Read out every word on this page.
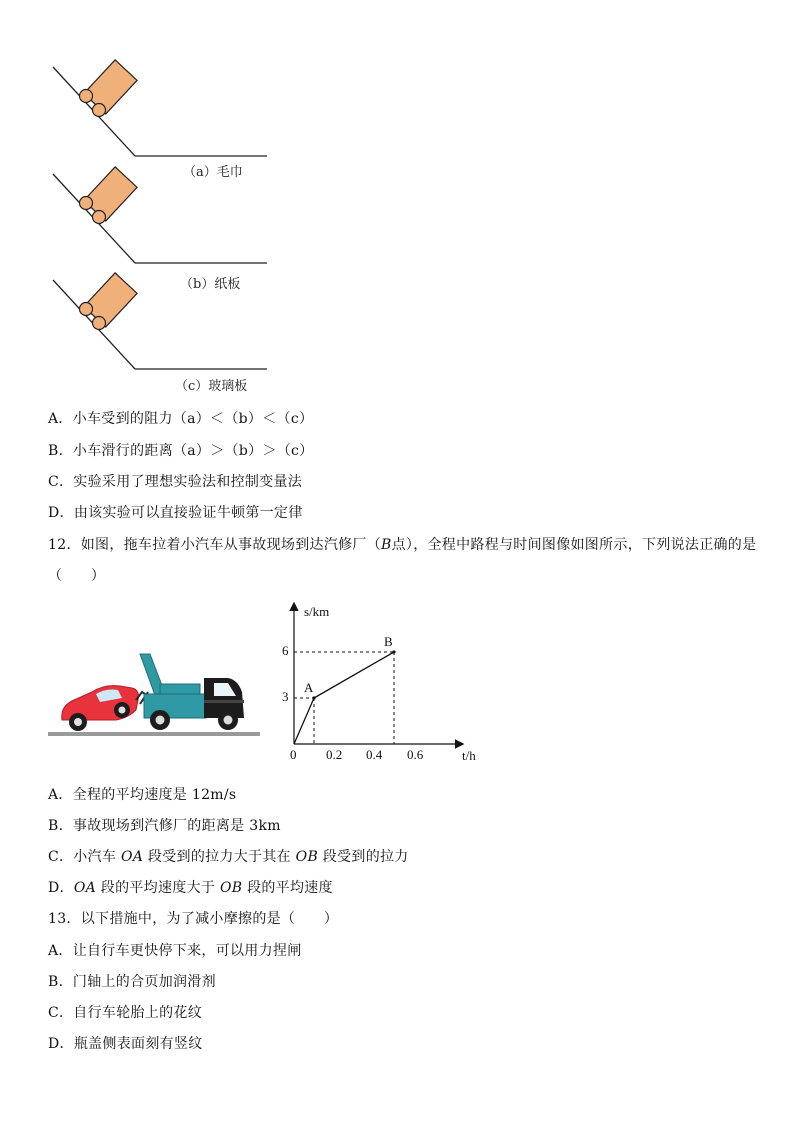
（a）毛巾
（b）纸板
（c）玻璃板
A．小车受到的阻力（a）＜（b）＜（c）
B．小车滑行的距离（a）＞（b）＞（c）
C．实验采用了理想实验法和控制变量法
D．由该实验可以直接验证牛顿第一定律
12．如图，拖车拉着小汽车从事故现场到达汽修厂（B点），全程中路程与时间图像如图所示，下列说法正确的是
（　　）
s/km
t/h
0 0.2 0.4 0.6
3
6
A
B
A．全程的平均速度是 12m/s
B．事故现场到汽修厂的距离是 3km
C．小汽车 OA 段受到的拉力大于其在 OB 段受到的拉力
D．OA 段的平均速度大于 OB 段的平均速度
13．以下措施中，为了减小摩擦的是（　　）
A．让自行车更快停下来，可以用力捏闸
B．门轴上的合页加润滑剂
C．自行车轮胎上的花纹
D．瓶盖侧表面刻有竖纹
